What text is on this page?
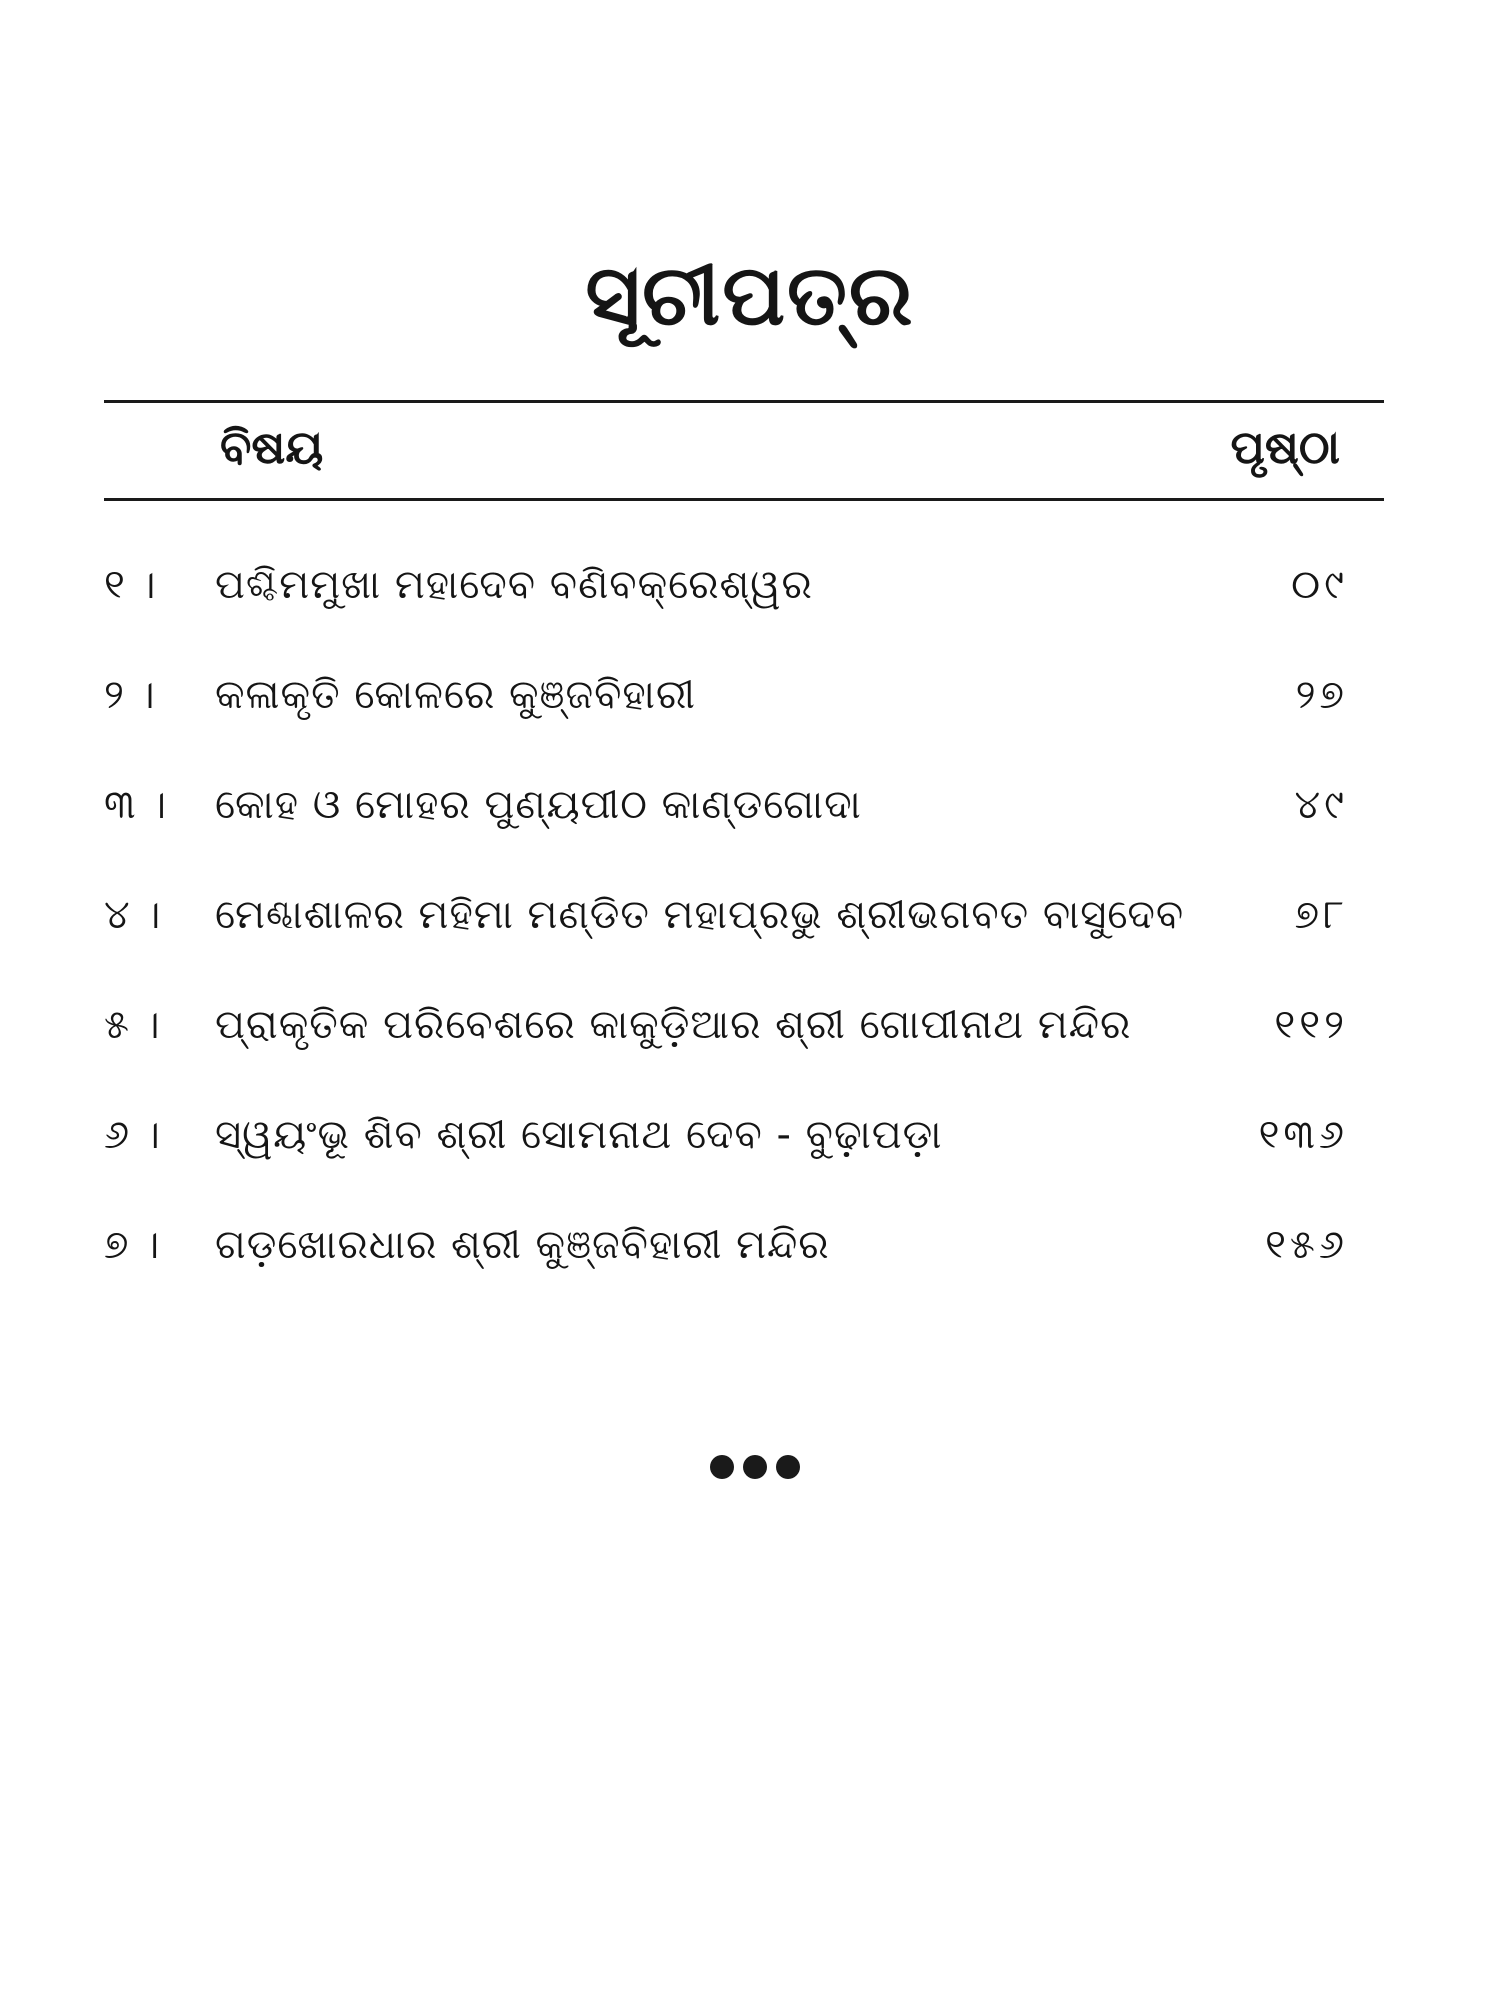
ସୂଚୀପତ୍ର
ବିଷୟ	ପୃଷ୍ଠା
୧ ।	ପଶ୍ଚିମମୁଖା ମହାଦେବ ବଣିବକ୍ରେଶ୍ୱର	୦୯
୨ ।	କଳାକୃତି କୋଳରେ କୁଞ୍ଜବିହାରୀ	୨୭
୩ ।	କୋହ ଓ ମୋହର ପୁଣ୍ୟପୀଠ କାଣ୍ଡଗୋଦା	୪୯
୪ ।	ମେଣ୍ଢାଶାଳର ମହିମା ମଣ୍ଡିତ ମହାପ୍ରଭୁ ଶ୍ରୀଭଗବତ ବାସୁଦେବ	୭୮
୫ ।	ପ୍ରାକୃତିକ ପରିବେଶରେ କାକୁଡ଼ିଆର ଶ୍ରୀ ଗୋପୀନାଥ ମନ୍ଦିର	୧୧୨
୬ ।	ସ୍ୱୟଂଭୂ ଶିବ ଶ୍ରୀ ସୋମନାଥ ଦେବ - ବୁଢ଼ାପଡ଼ା	୧୩୬
୭ ।	ଗଡ଼ଖୋରଧାର ଶ୍ରୀ କୁଞ୍ଜବିହାରୀ ମନ୍ଦିର	୧୫୬
